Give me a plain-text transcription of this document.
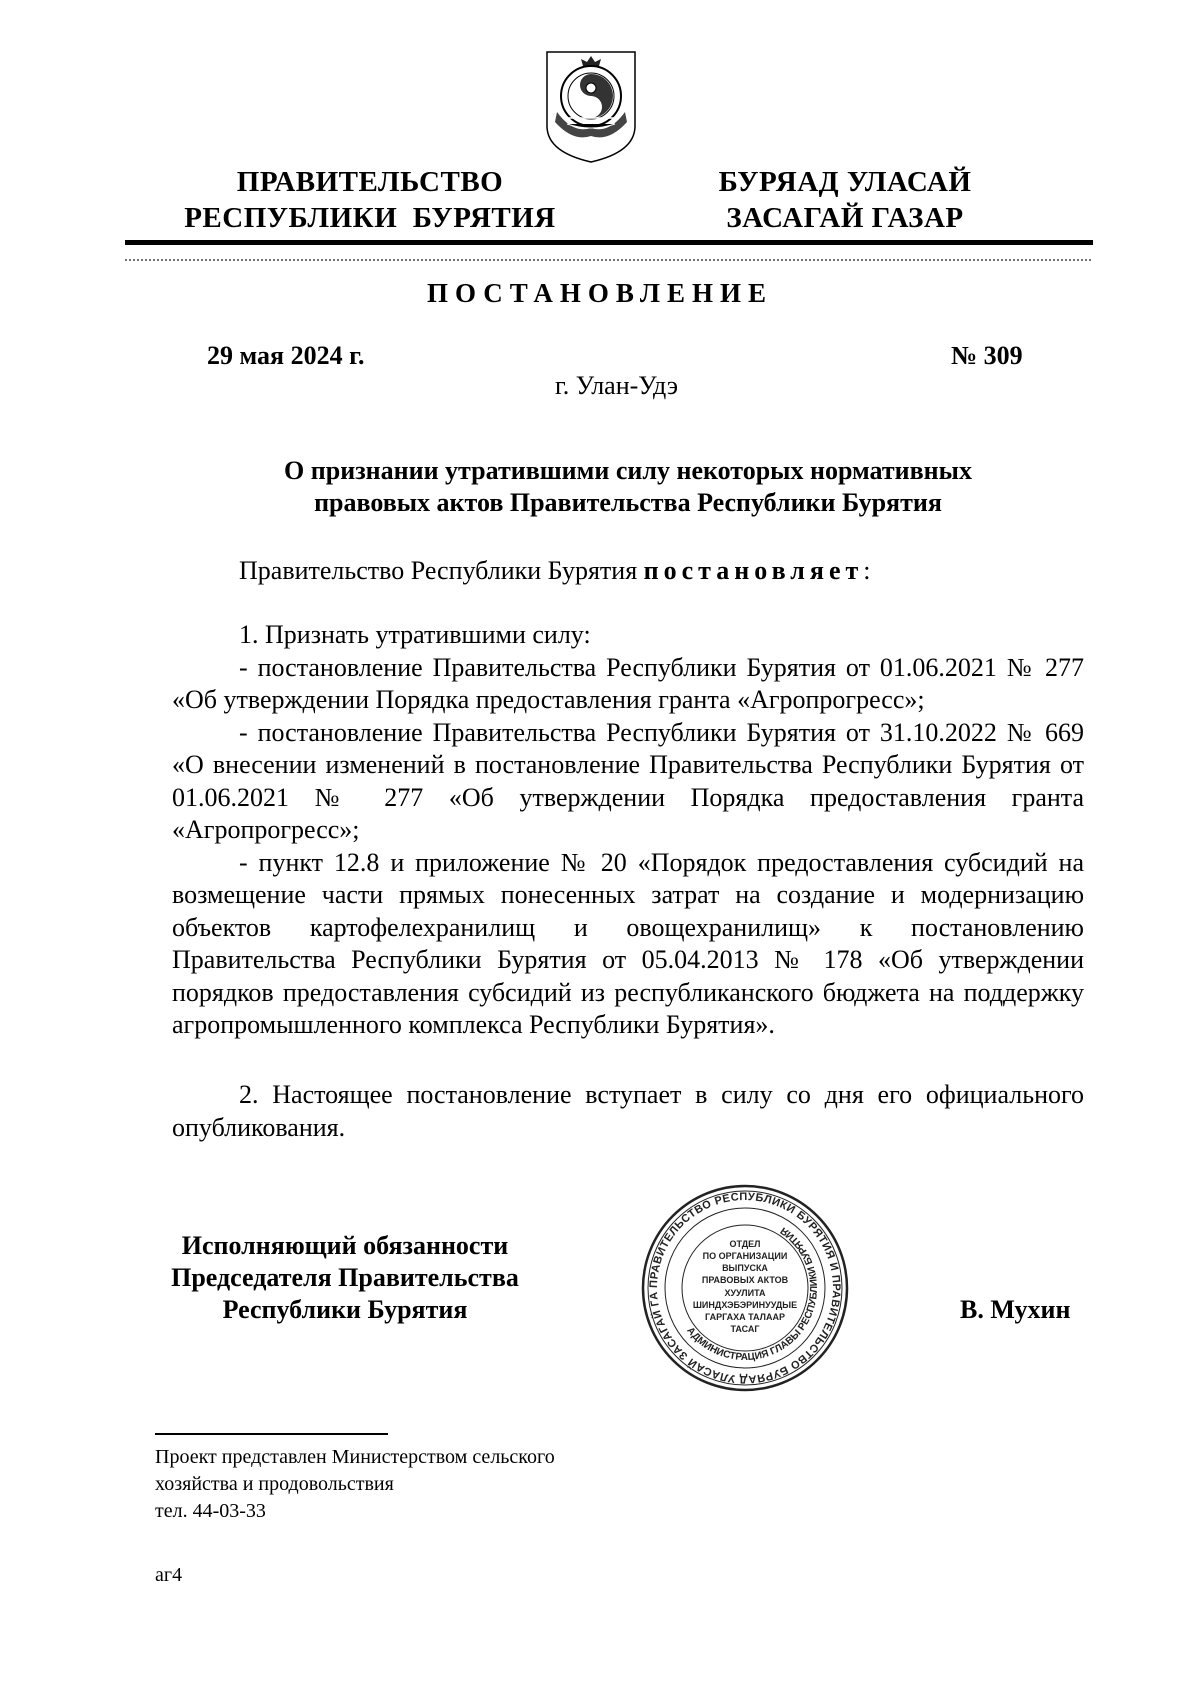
ПРАВИТЕЛЬСТВО
РЕСПУБЛИКИ  БУРЯТИЯ
БУРЯАД УЛАСАЙ
ЗАСАГАЙ ГАЗАР
ПОСТАНОВЛЕНИЕ
29 мая 2024 г.	№ 309
г. Улан-Удэ
О признании утратившими силу некоторых нормативных
правовых актов Правительства Республики Бурятия
Правительство Республики Бурятия постановляет:
1. Признать утратившими силу:
- постановление Правительства Республики Бурятия от 01.06.2021 № 277 «Об утверждении Порядка предоставления гранта «Агропрогресс»;
- постановление Правительства Республики Бурятия от 31.10.2022 № 669 «О внесении изменений в постановление Правительства Республики Бурятия от 01.06.2021 № 277 «Об утверждении Порядка предоставления гранта «Агропрогресс»;
- пункт 12.8 и приложение № 20 «Порядок предоставления субсидий на возмещение части прямых понесенных затрат на создание и модернизацию объектов картофелехранилищ и овощехранилищ» к постановлению Правительства Республики Бурятия от 05.04.2013 № 178 «Об утверждении порядков предоставления субсидий из республиканского бюджета на поддержку агропромышленного комплекса Республики Бурятия».
2. Настоящее постановление вступает в силу со дня его официального опубликования.
Исполняющий обязанности
Председателя Правительства
Республики Бурятия	В. Мухин
ПРАВИТЕЛЬСТВО РЕСПУБЛИКИ БУРЯТИЯ И ПРАВИТЕЛЬСТВО БУРЯАД УЛАСАЙ ЗАСАГАЙ ГА
АДМИНИСТРАЦИЯ ГЛАВЫ РЕСПУБЛИКИ БУРЯТИЯ
ОТДЕЛ
ПО ОРГАНИЗАЦИИ
ВЫПУСКА
ПРАВОВЫХ АКТОВ
ХУУЛИТА
ШИНДХЭБЭРИНУУДЫЕ
ГАРГАХА ТАЛААР
ТАСАГ
Проект представлен Министерством сельского
хозяйства и продовольствия
тел. 44-03-33
аг4
